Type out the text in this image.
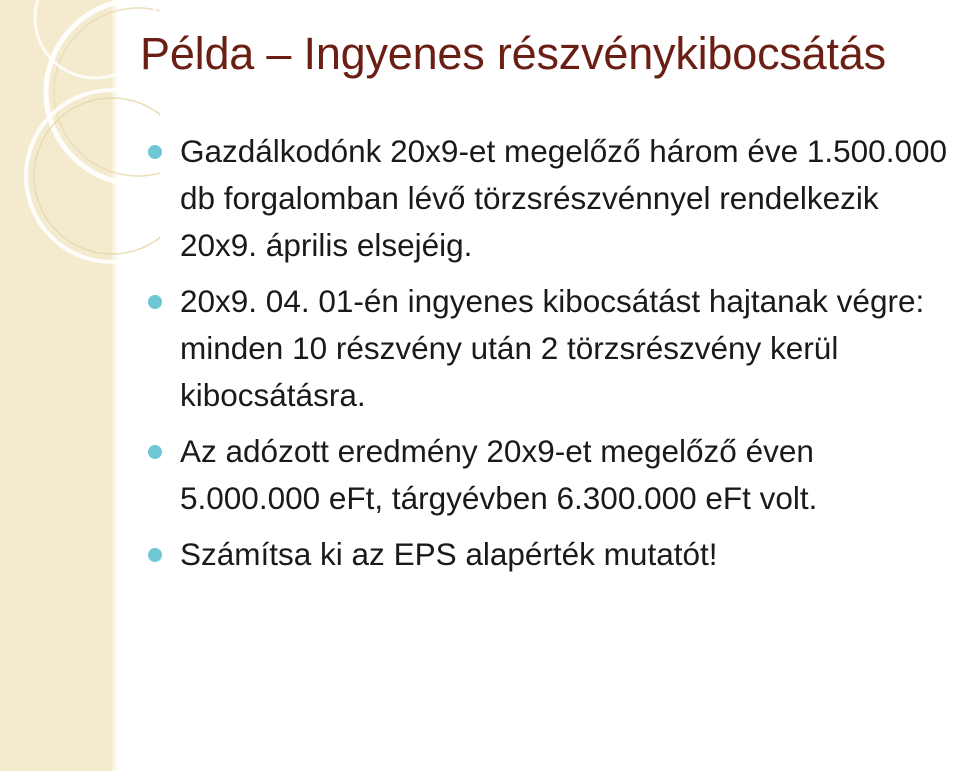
Példa – Ingyenes részvénykibocsátás
Gazdálkodónk 20x9-et megelőző három éve 1.500.000 db forgalomban lévő törzsrészvénnyel rendelkezik 20x9. április elsejéig.
20x9. 04. 01-én ingyenes kibocsátást hajtanak végre: minden 10 részvény után 2 törzsrészvény kerül kibocsátásra.
Az adózott eredmény 20x9-et megelőző éven 5.000.000 eFt, tárgyévben 6.300.000 eFt volt.
Számítsa ki az EPS alapérték mutatót!
